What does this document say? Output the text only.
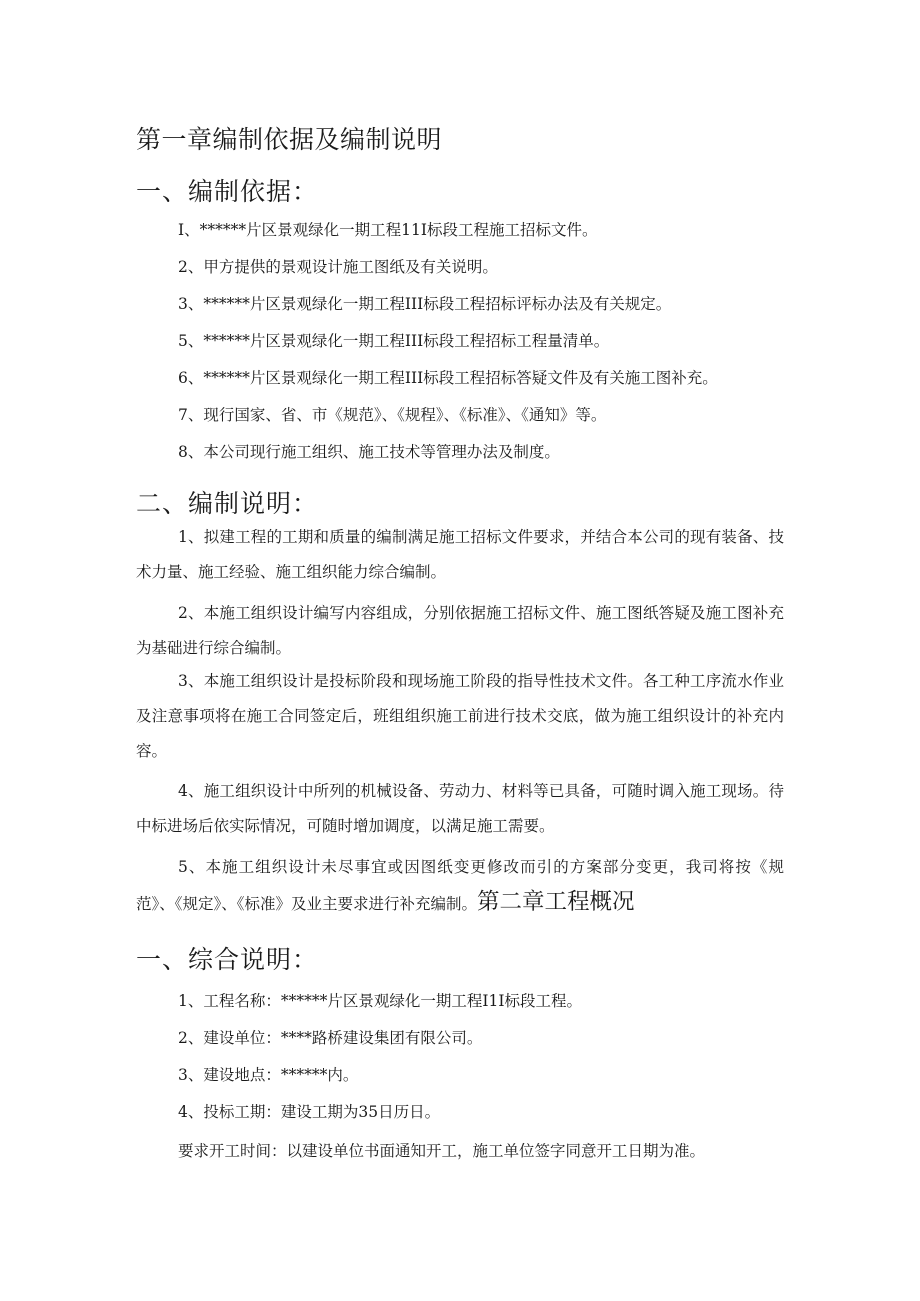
第一章编制依据及编制说明
一、编制依据：
I、******片区景观绿化一期工程11I标段工程施工招标文件。
2、甲方提供的景观设计施工图纸及有关说明。
3、******片区景观绿化一期工程III标段工程招标评标办法及有关规定。
5、******片区景观绿化一期工程III标段工程招标工程量清单。
6、******片区景观绿化一期工程III标段工程招标答疑文件及有关施工图补充。
7、现行国家、省、市《规范》、《规程》、《标准》、《通知》等。
8、本公司现行施工组织、施工技术等管理办法及制度。
二、编制说明：
1、拟建工程的工期和质量的编制满足施工招标文件要求，并结合本公司的现有装备、技术力量、施工经验、施工组织能力综合编制。
2、本施工组织设计编写内容组成，分别依据施工招标文件、施工图纸答疑及施工图补充为基础进行综合编制。
3、本施工组织设计是投标阶段和现场施工阶段的指导性技术文件。各工种工序流水作业及注意事项将在施工合同签定后，班组组织施工前进行技术交底，做为施工组织设计的补充内容。
4、施工组织设计中所列的机械设备、劳动力、材料等已具备，可随时调入施工现场。待中标进场后依实际情况，可随时增加调度，以满足施工需要。
5、本施工组织设计未尽事宜或因图纸变更修改而引的方案部分变更，我司将按《规范》、《规定》、《标准》及业主要求进行补充编制。第二章工程概况
一、综合说明：
1、工程名称：******片区景观绿化一期工程I1I标段工程。
2、建设单位：****路桥建设集团有限公司。
3、建设地点：******内。
4、投标工期：建设工期为35日历日。
要求开工时间：以建设单位书面通知开工，施工单位签字同意开工日期为准。
